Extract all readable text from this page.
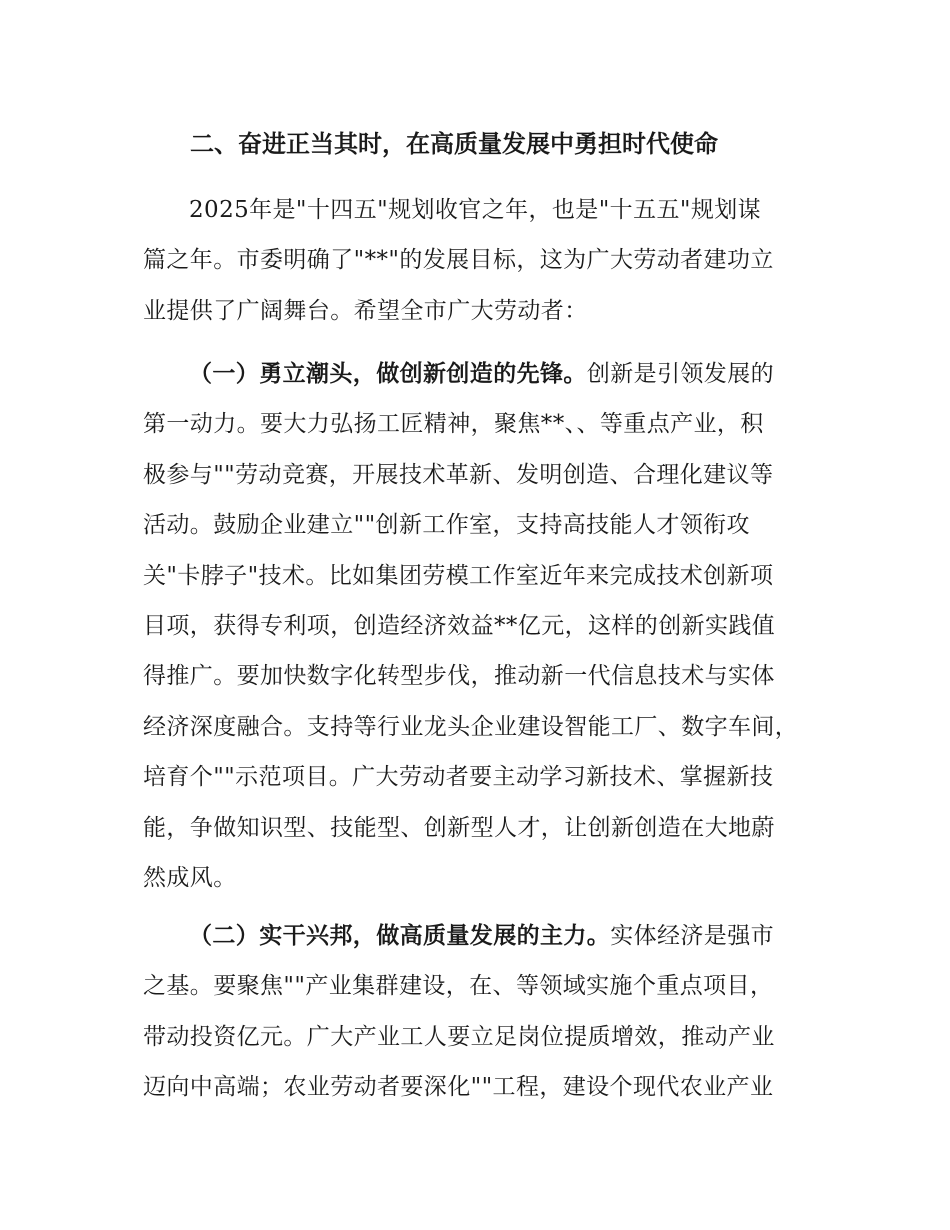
二、奋进正当其时，在高质量发展中勇担时代使命
2025年是"十四五"规划收官之年，也是"十五五"规划谋
篇之年。市委明确了"**"的发展目标，这为广大劳动者建功立
业提供了广阔舞台。希望全市广大劳动者：
（一）勇立潮头，做创新创造的先锋。创新是引领发展的
第一动力。要大力弘扬工匠精神，聚焦**、、等重点产业，积
极参与""劳动竞赛，开展技术革新、发明创造、合理化建议等
活动。鼓励企业建立""创新工作室，支持高技能人才领衔攻
关"卡脖子"技术。比如集团劳模工作室近年来完成技术创新项
目项，获得专利项，创造经济效益**亿元，这样的创新实践值
得推广。要加快数字化转型步伐，推动新一代信息技术与实体
经济深度融合。支持等行业龙头企业建设智能工厂、数字车间，
培育个""示范项目。广大劳动者要主动学习新技术、掌握新技
能，争做知识型、技能型、创新型人才，让创新创造在大地蔚
然成风。
（二）实干兴邦，做高质量发展的主力。实体经济是强市
之基。要聚焦""产业集群建设，在、等领域实施个重点项目，
带动投资亿元。广大产业工人要立足岗位提质增效，推动产业
迈向中高端；农业劳动者要深化""工程，建设个现代农业产业
